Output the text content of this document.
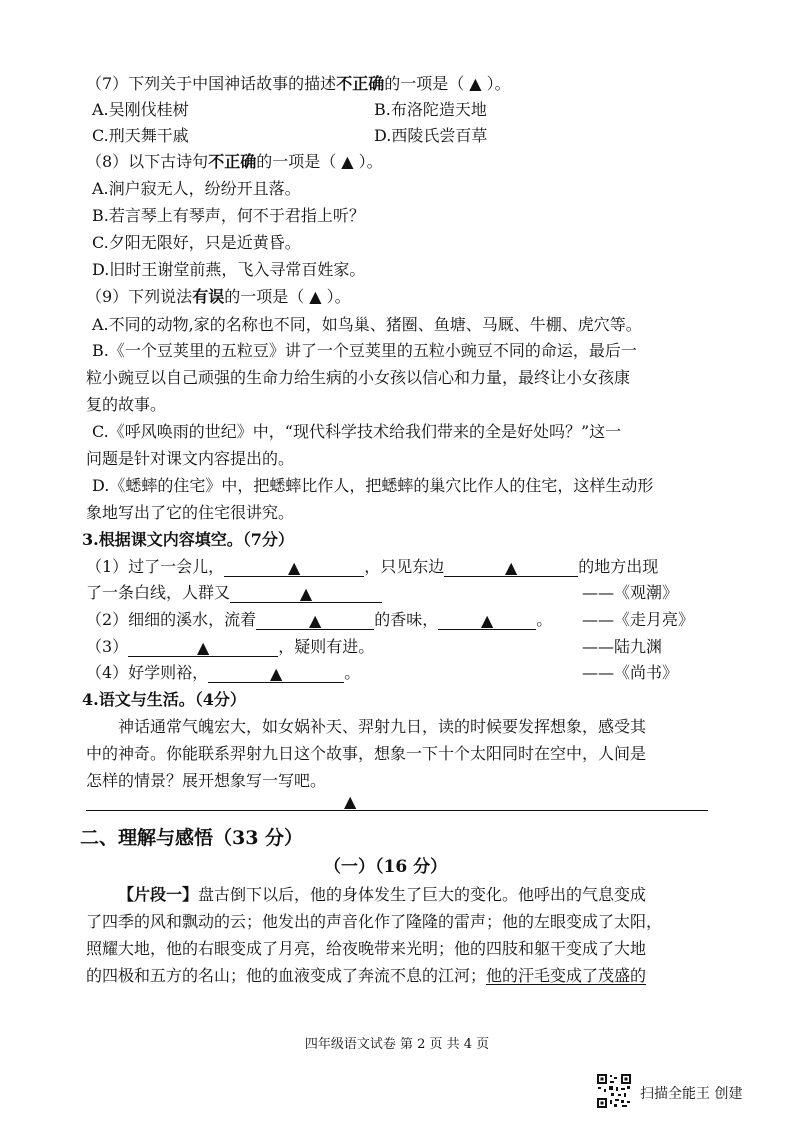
（7）下列关于中国神话故事的描述不正确的一项是（ ▲ ）。
A.吴刚伐桂树	B.布洛陀造天地
C.刑天舞干戚	D.西陵氏尝百草
（8）以下古诗句不正确的一项是（ ▲ ）。
A.涧户寂无人，纷纷开且落。
B.若言琴上有琴声，何不于君指上听？
C.夕阳无限好，只是近黄昏。
D.旧时王谢堂前燕，飞入寻常百姓家。
（9）下列说法有误的一项是（ ▲ ）。
A.不同的动物,家的名称也不同，如鸟巢、猪圈、鱼塘、马厩、牛棚、虎穴等。
B.《一个豆荚里的五粒豆》讲了一个豆荚里的五粒小豌豆不同的命运，最后一
粒小豌豆以自己顽强的生命力给生病的小女孩以信心和力量，最终让小女孩康
复的故事。
C.《呼风唤雨的世纪》中，“现代科学技术给我们带来的全是好处吗？”这一
问题是针对课文内容提出的。
D.《蟋蟀的住宅》中，把蟋蟀比作人，把蟋蟀的巢穴比作人的住宅，这样生动形
象地写出了它的住宅很讲究。
3.根据课文内容填空。（7分）
（1）过了一会儿，	▲	，只见东边	▲	的地方出现
了一条白线，人群又	▲	——《观潮》
（2）细细的溪水，流着	▲	的香味，	▲	。 ——《走月亮》
（3）	▲	，疑则有进。	——陆九渊
（4）好学则裕，	▲	。	——《尚书》
4.语文与生活。（4分）
神话通常气魄宏大，如女娲补天、羿射九日，读的时候要发挥想象，感受其
中的神奇。你能联系羿射九日这个故事，想象一下十个太阳同时在空中，人间是
怎样的情景？展开想象写一写吧。
▲
二、理解与感悟（33 分）
（一）（16 分）
【片段一】盘古倒下以后，他的身体发生了巨大的变化。他呼出的气息变成
了四季的风和飘动的云；他发出的声音化作了隆隆的雷声；他的左眼变成了太阳，
照耀大地，他的右眼变成了月亮，给夜晚带来光明；他的四肢和躯干变成了大地
的四极和五方的名山；他的血液变成了奔流不息的江河；他的汗毛变成了茂盛的
四年级语文试卷 第 2 页 共 4 页
扫描全能王 创建
